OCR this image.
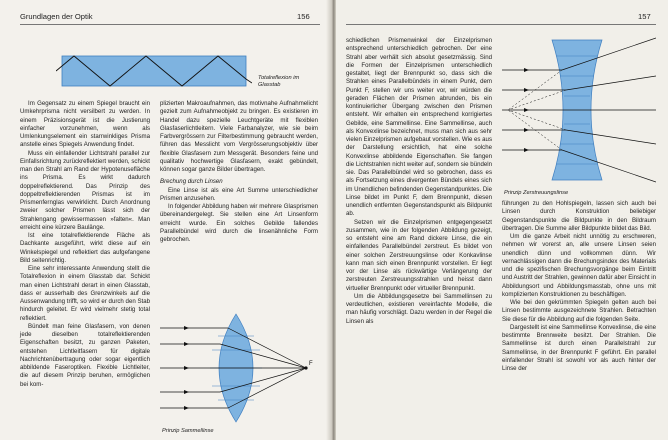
Grundlagen der Optik	156
Totalreflexion im
Glasstab

Im Gegensatz zu einem Spiegel braucht ein Umkehrprisma nicht versilbert zu werden. In einem Präzisionsgerät ist die Justierung einfacher vorzunehmen, wenn als Umlenkungselement ein starrwinkliges Prisma anstelle eines Spiegels Anwendung findet.

Muss ein einfallender Lichtstrahl parallel zur Einfallsrichtung zurückreflektiert werden, schickt man den Strahl am Rand der Hypotenusefläche ins Prisma. Es wirkt dadurch doppelreflektierend. Das Prinzip des doppeltreflektierenden Prismas ist im Prismenfernglas verwirklicht. Durch Anordnung zweier solcher Prismen lässt sich der Strahlengang gewissermassen »falten«. Man erreicht eine kürzere Baulänge.

Ist eine totalreflektierende Fläche als Dachkante ausgeführt, wirkt diese auf ein Winkelspiegel und reflektiert das aufgefangene Bild seitenrichtig.

Eine sehr interessante Anwendung stellt die Totalreflexion in einem Glasstab dar. Schickt man einen Lichtstrahl derart in einen Glasstab, dass er ausserhalb des Grenzwinkels auf die Aussenwandung trifft, so wird er durch den Stab hindurch geleitet. Er wird vielmehr stetig total reflektiert.

Bündelt man feine Glasfasern, von denen jede dieselben totalreflektierenden Eigenschaften besitzt, zu ganzen Paketen, entstehen Lichtleitfasern für digitale Nachrichtenübertragung oder sogar eigentlich abbildende Faseroptiken. Flexible Lichtleiter, die auf diesem Prinzip beruhen, ermöglichen bei kom-

plizierten Makroaufnahmen, das motivnahe Aufnahmelicht gezielt zum Aufnahmeobjekt zu bringen. Es existieren im Handel dazu spezielle Leuchtgeräte mit flexiblen Glasfaserlichtleitern. Viele Farbanalyzer, wie sie beim Farbvergrössern zur Filterbestimmung gebraucht werden, führen das Messlicht vom Vergrösserungsobjektiv über flexible Glasfasern zum Messgerät. Besonders feine und qualitativ hochwertige Glasfasern, exakt gebündelt, können sogar ganze Bilder übertragen.

Brechung durch Linsen

Eine Linse ist als eine Art Summe unterschiedlicher Prismen anzusehen.

In folgender Abbildung haben wir mehrere Glasprismen übereinandergelegt. Sie stellen eine Art Linsenform erreicht wurde. Ein solches Gebilde fallendes Parallelbündel wird durch die linsenähnliche Form gebrochen.

F
Prinzip Sammellinse
157

schiedlichen Prismenwinkel der Einzelprismen entsprechend unterschiedlich gebrochen. Der eine Strahl aber verhält sich absolut gesetzmässig. Sind die Formen der Einzelprismen unterschiedlich gestaltet, liegt der Brennpunkt so, dass sich die Strahlen eines Parallelbündels in einem Punkt, dem Punkt F, stellen wir uns weiter vor, wir würden die geraden Flächen der Prismen abrunden, bis ein kontinuierlicher Übergang zwischen den Prismen entsteht. Wir erhalten ein entsprechend korrigiertes Gebilde, eine Sammellinse. Eine Sammellinse, auch als Konvexlinse bezeichnet, muss man sich aus sehr vielen Einzelprismen aufgebaut vorstellen. Wie es aus der Darstellung ersichtlich, hat eine solche Konvexlinse abbildende Eigenschaften. Sie fangen die Lichtstrahlen nicht weiter auf, sondern sie bündeln sie. Das Parallelbündel wird so gebrochen, dass es als Fortsetzung eines divergenten Bündels eines sich im Unendlichen befindenden Gegenstandpunktes. Die Linse bildet im Punkt F, dem Brennpunkt, diesen unendlich entfernten Gegenstandspunkt als Bildpunkt ab.

Setzen wir die Einzelprismen entgegengesetzt zusammen, wie in der folgenden Abbildung gezeigt, so entsteht eine am Rand dickere Linse, die ein einfallendes Parallelbündel zerstreut. Es bildet von einer solchen Zerstreuungslinse oder Konkavlinse kann man sich einen Brennpunkt vorstellen. Er liegt vor der Linse als rückwärtige Verlängerung der zerstreuten Zerstreuungsstrahlen und heisst dann virtueller Brennpunkt oder virtueller Brennpunkt.

Um die Abbildungsgesetze bei Sammellinsen zu verdeutlichen, existieren vereinfachte Modelle, die man häufig vorschlägt. Dazu werden in der Regel die Linsen als

Prinzip Zerstreuungslinse

führungen zu den Hohlspiegeln, lassen sich auch bei Linsen durch Konstruktion beliebiger Gegenstandspunkte die Bildpunkte in den Bildraum übertragen. Die Summe aller Bildpunkte bildet das Bild.

Um die ganze Arbeit nicht unnötig zu erschweren, nehmen wir vorerst an, alle unsere Linsen seien unendlich dünn und vollkommen dünn. Wir vernachlässigen dann die Brechungsindex des Materials und die spezifischen Brechungsvorgänge beim Eintritt und Austritt der Strahlen, gewinnen dafür aber Einsicht in Abbildungsort und Abbildungsmasstab, ohne uns mit komplizierten Konstruktionen zu beschäftigen.

Wie bei den gekrümmten Spiegeln gelten auch bei Linsen bestimmte ausgezeichnete Strahlen. Betrachten Sie diese für die Abbildung auf die folgenden Seite.

Dargestellt ist eine Sammellinse Konvexlinse, die eine bestimmte Brennweite besitzt. Der Strahlen. Die Sammellinse ist durch einen Parallelstrahl zur Sammellinse, in der Brennpunkt F geführt. Ein parallel einfallender Strahl ist sowohl vor als auch hinter der Linse der
